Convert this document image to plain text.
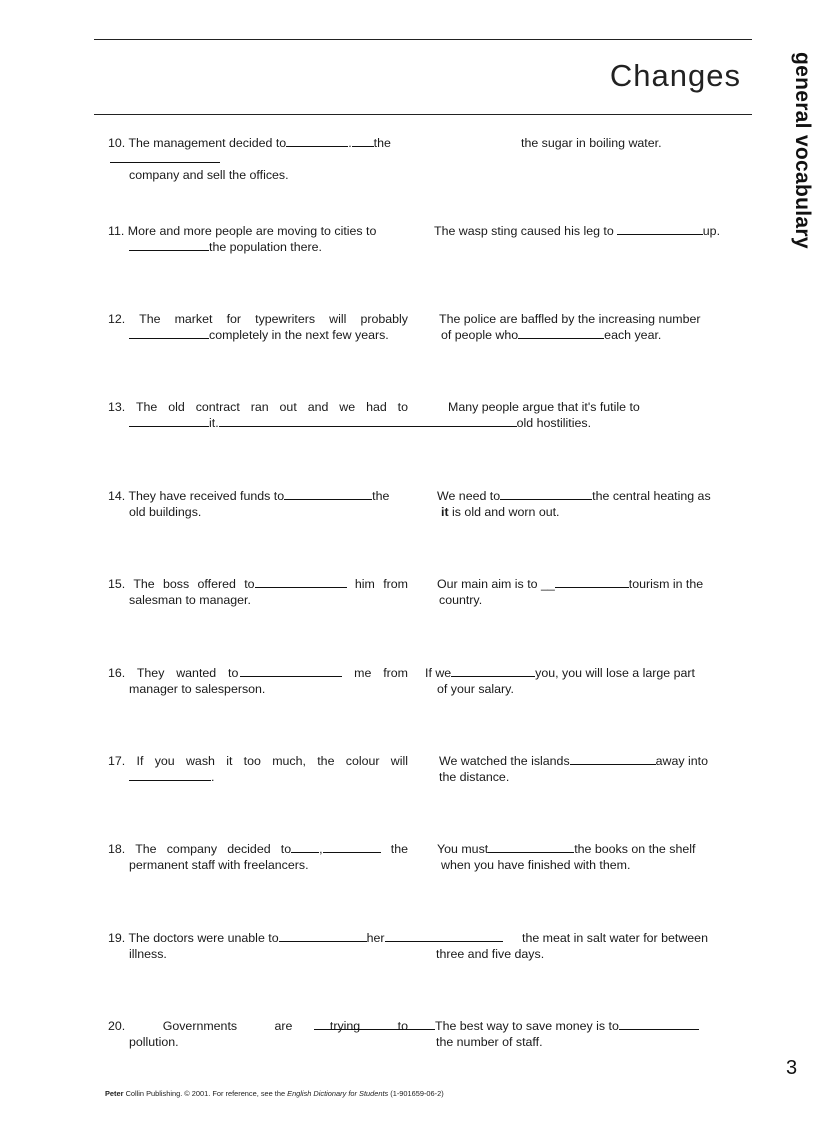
Changes general vocabulary
10. The management decided to	. the
company and sell the offices.
the sugar in boiling water.
11. More and more people are moving to cities to
the population there.
The wasp sting caused his leg to	up.
12. The market for typewriters will probably
completely in the next few years.
The police are baffled by the increasing number
of people who	each year.
13. The old contract ran out and we had to
it.	old hostilities.
Many people argue that it's futile to
14. They have received funds to	the
old buildings.
We need to	the central heating as
it is old and worn out.
15. The boss offered to	him from
salesman to manager.
Our main aim is to __	tourism in the
country.
16. They wanted to	me from
manager to salesperson.
If we	you, you will lose a large part
of your salary.
17. If you wash it too much, the colour will
.
We watched the islands	away into
the distance.
18. The company decided to ,	the
permanent staff with freelancers.
You must	the books on the shelf
when you have finished with them.
19. The doctors were unable to	her
illness.
the meat in salt water for between
three and five days.
20.	Governments are trying to
pollution.
The best way to save money is to
the number of staff.
3
Peter Collin Publishing. © 2001. For reference, see the English Dictionary for Students (1-901659-06-2)
